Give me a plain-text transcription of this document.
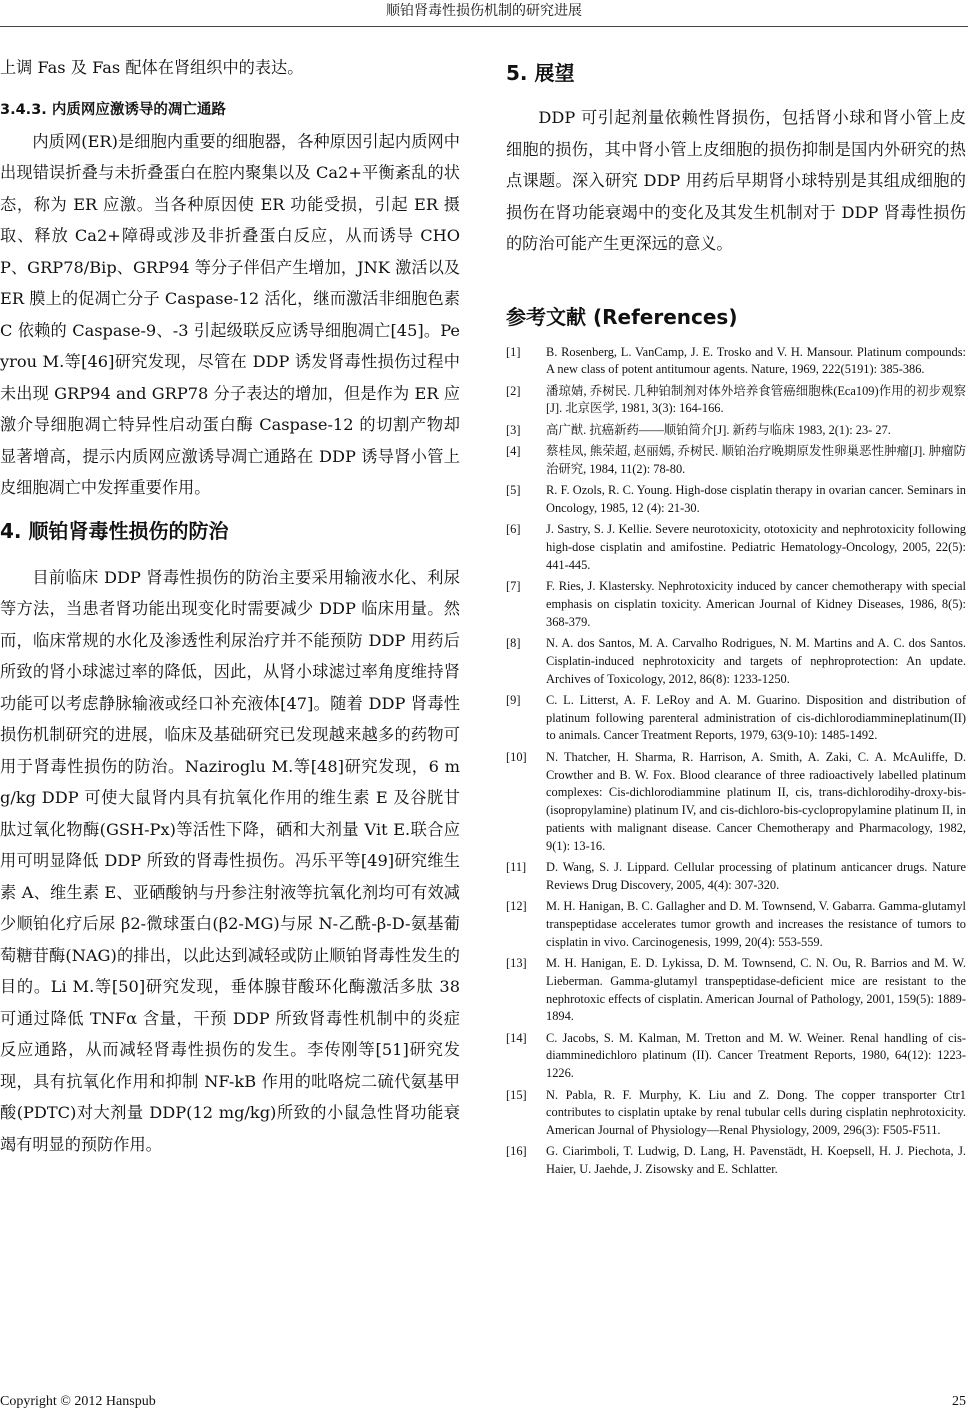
顺铂肾毒性损伤机制的研究进展

上调 Fas 及 Fas 配体在肾组织中的表达。

3.4.3. 内质网应激诱导的凋亡通路

内质网(ER)是细胞内重要的细胞器，各种原因引起内质网中出现错误折叠与未折叠蛋白在腔内聚集以及 Ca2+平衡紊乱的状态，称为 ER 应激。当各种原因使 ER 功能受损，引起 ER 摄取、释放 Ca2+障碍或涉及非折叠蛋白反应，从而诱导 CHOP、GRP78/Bip、GRP94 等分子伴侣产生增加，JNK 激活以及 ER 膜上的促凋亡分子 Caspase-12 活化，继而激活非细胞色素 C 依赖的 Caspase-9、-3 引起级联反应诱导细胞凋亡[45]。Peyrou M.等[46]研究发现，尽管在 DDP 诱发肾毒性损伤过程中未出现 GRP94 and GRP78 分子表达的增加，但是作为 ER 应激介导细胞凋亡特异性启动蛋白酶 Caspase-12 的切割产物却显著增高，提示内质网应激诱导凋亡通路在 DDP 诱导肾小管上皮细胞凋亡中发挥重要作用。

4. 顺铂肾毒性损伤的防治

目前临床 DDP 肾毒性损伤的防治主要采用输液水化、利尿等方法，当患者肾功能出现变化时需要减少 DDP 临床用量。然而，临床常规的水化及渗透性利尿治疗并不能预防 DDP 用药后所致的肾小球滤过率的降低，因此，从肾小球滤过率角度维持肾功能可以考虑静脉输液或经口补充液体[47]。随着 DDP 肾毒性损伤机制研究的进展，临床及基础研究已发现越来越多的药物可用于肾毒性损伤的防治。Naziroglu M.等[48]研究发现，6 mg/kg DDP 可使大鼠肾内具有抗氧化作用的维生素 E 及谷胱甘肽过氧化物酶(GSH-Px)等活性下降，硒和大剂量 Vit E.联合应用可明显降低 DDP 所致的肾毒性损伤。冯乐平等[49]研究维生素 A、维生素 E、亚硒酸钠与丹参注射液等抗氧化剂均可有效减少顺铂化疗后尿 β2-微球蛋白(β2-MG)与尿 N-乙酰-β-D-氨基葡萄糖苷酶(NAG)的排出，以此达到减轻或防止顺铂肾毒性发生的目的。Li M.等[50]研究发现，垂体腺苷酸环化酶激活多肽 38 可通过降低 TNFα 含量，干预 DDP 所致肾毒性机制中的炎症反应通路，从而减轻肾毒性损伤的发生。李传刚等[51]研究发现，具有抗氧化作用和抑制 NF-kB 作用的吡咯烷二硫代氨基甲酸(PDTC)对大剂量 DDP(12 mg/kg)所致的小鼠急性肾功能衰竭有明显的预防作用。

5. 展望

DDP 可引起剂量依赖性肾损伤，包括肾小球和肾小管上皮细胞的损伤，其中肾小管上皮细胞的损伤抑制是国内外研究的热点课题。深入研究 DDP 用药后早期肾小球特别是其组成细胞的损伤在肾功能衰竭中的变化及其发生机制对于 DDP 肾毒性损伤的防治可能产生更深远的意义。

参考文献 (References)
[1]	B. Rosenberg, L. VanCamp, J. E. Trosko and V. H. Mansour. Platinum compounds: A new class of potent antitumour agents. Nature, 1969, 222(5191): 385-386.
[2]	潘琼婧, 乔树民. 几种铂制剂对体外培养食管癌细胞株(Eca109)作用的初步观察[J]. 北京医学, 1981, 3(3): 164-166.
[3]	高广猷. 抗癌新药——顺铂简介[J]. 新药与临床 1983, 2(1): 23- 27.
[4]	蔡桂凤, 熊荣超, 赵丽嫣, 乔树民. 顺铂治疗晚期原发性卵巢恶性肿瘤[J]. 肿瘤防治研究, 1984, 11(2): 78-80.
[5]	R. F. Ozols, R. C. Young. High-dose cisplatin therapy in ovarian cancer. Seminars in Oncology, 1985, 12 (4): 21-30.
[6]	J. Sastry, S. J. Kellie. Severe neurotoxicity, ototoxicity and nephrotoxicity following high-dose cisplatin and amifostine. Pediatric Hematology-Oncology, 2005, 22(5): 441-445.
[7]	F. Ries, J. Klastersky. Nephrotoxicity induced by cancer chemotherapy with special emphasis on cisplatin toxicity. American Journal of Kidney Diseases, 1986, 8(5): 368-379.
[8]	N. A. dos Santos, M. A. Carvalho Rodrigues, N. M. Martins and A. C. dos Santos. Cisplatin-induced nephrotoxicity and targets of nephroprotection: An update. Archives of Toxicology, 2012, 86(8): 1233-1250.
[9]	C. L. Litterst, A. F. LeRoy and A. M. Guarino. Disposition and distribution of platinum following parenteral administration of cis-dichlorodiammineplatinum(II) to animals. Cancer Treatment Reports, 1979, 63(9-10): 1485-1492.
[10]	N. Thatcher, H. Sharma, R. Harrison, A. Smith, A. Zaki, C. A. McAuliffe, D. Crowther and B. W. Fox. Blood clearance of three radioactively labelled platinum complexes: Cis-dichlorodiammine platinum II, cis, trans-dichlorodihy-droxy-bis-(isopropylamine) platinum IV, and cis-dichloro-bis-cyclopropylamine platinum II, in patients with malignant disease. Cancer Chemotherapy and Pharmacology, 1982, 9(1): 13-16.
[11]	D. Wang, S. J. Lippard. Cellular processing of platinum anticancer drugs. Nature Reviews Drug Discovery, 2005, 4(4): 307-320.
[12]	M. H. Hanigan, B. C. Gallagher and D. M. Townsend, V. Gabarra. Gamma-glutamyl transpeptidase accelerates tumor growth and increases the resistance of tumors to cisplatin in vivo. Carcinogenesis, 1999, 20(4): 553-559.
[13]	M. H. Hanigan, E. D. Lykissa, D. M. Townsend, C. N. Ou, R. Barrios and M. W. Lieberman. Gamma-glutamyl transpeptidase-deficient mice are resistant to the nephrotoxic effects of cisplatin. American Journal of Pathology, 2001, 159(5): 1889-1894.
[14]	C. Jacobs, S. M. Kalman, M. Tretton and M. W. Weiner. Renal handling of cis-diamminedichloro platinum (II). Cancer Treatment Reports, 1980, 64(12): 1223-1226.
[15]	N. Pabla, R. F. Murphy, K. Liu and Z. Dong. The copper transporter Ctr1 contributes to cisplatin uptake by renal tubular cells during cisplatin nephrotoxicity. American Journal of Physiology—Renal Physiology, 2009, 296(3): F505-F511.
[16]	G. Ciarimboli, T. Ludwig, D. Lang, H. Pavenstädt, H. Koepsell, H. J. Piechota, J. Haier, U. Jaehde, J. Zisowsky and E. Schlatter.
Copyright © 2012 Hanspub	25
